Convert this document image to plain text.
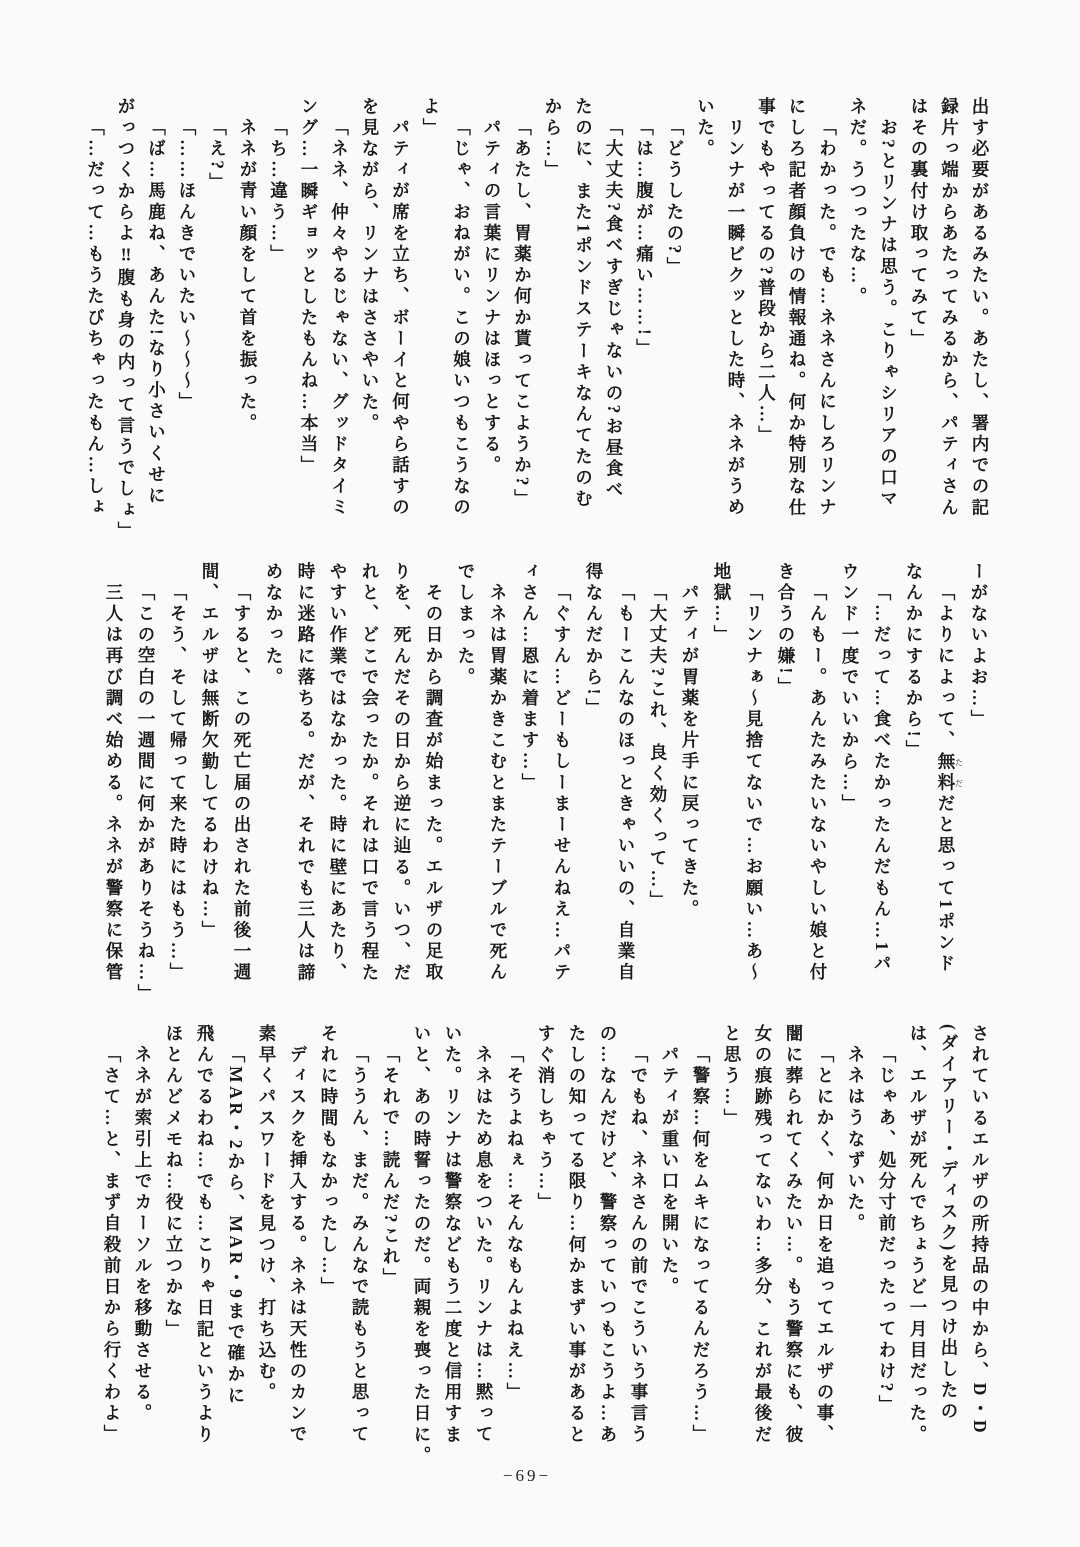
出す必要があるみたい。あたし、署内での記
録片っ端からあたってみるから、パティさん
はその裏付け取ってみて」
お?とリンナは思う。こりゃシリアの口マ
ネだ。うつったな…。
「わかった。でも…ネネさんにしろリンナ
にしろ記者顔負けの情報通ね。何か特別な仕
事でもやってるの?普段から二人…」
リンナが一瞬ビクッとした時、ネネがうめ
いた。
「どうしたの?」
「は…腹が…痛い……!」
「大丈夫?食べすぎじゃないの?お昼食べ
たのに、また1ポンドステーキなんてたのむ
から…」
「あたし、胃薬か何か貰ってこようか?」
パティの言葉にリンナはほっとする。
「じゃ、おねがい。この娘いつもこうなの
よ」
パティが席を立ち、ボーイと何やら話すの
を見ながら、リンナはささやいた。
「ネネ、仲々やるじゃない、グッドタイミ
ング…一瞬ギョッとしたもんね…本当」
「ち…違う…」
ネネが青い顔をして首を振った。
「え?」
「……ほんきでいたい〜〜〜」
「ば…馬鹿ね、あんた!なり小さいくせに
がっつくからよ‼腹も身の内って言うでしょ」
「…だって…もうたびちゃったもん…しょ
ーがないよお…」
「よりによって、無料ただだと思って1ポンド
なんかにするから!」
「…だって…食べたかったんだもん…1パ
ウンド一度でいいから…」
「んもー。あんたみたいないやしい娘と付
き合うの嫌!」
「リンナぁ〜見捨てないで…お願い…あ〜
地獄…」
パティが胃薬を片手に戻ってきた。
「大丈夫?これ、良く効くって…」
「もーこんなのほっときゃいいの、自業自
得なんだから!」
「ぐすん…どーもしーまーせんねえ…パテ
ィさん…恩に着ます…」
ネネは胃薬かきこむとまたテーブルで死ん
でしまった。
その日から調査が始まった。エルザの足取
りを、死んだその日から逆に辿る。いつ、だ
れと、どこで会ったか。それは口で言う程た
やすい作業ではなかった。時に壁にあたり、
時に迷路に落ちる。だが、それでも三人は諦
めなかった。
「すると、この死亡届の出された前後一週
間、エルザは無断欠勤してるわけね…」
「そう、そして帰って来た時にはもう…」
「この空白の一週間に何かがありそうね…」
三人は再び調べ始める。ネネが警察に保管
されているエルザの所持品の中から、D・D
(ダイアリー・ディスク)を見つけ出したの
は、エルザが死んでちょうど一月目だった。
「じゃあ、処分寸前だったってわけ?」
ネネはうなずいた。
「とにかく、何か日を追ってエルザの事、
闇に葬られてくみたい…。もう警察にも、彼
女の痕跡残ってないわ…多分、これが最後だ
と思う…」
「警察…何をムキになってるんだろう…」
パティが重い口を開いた。
「でもね、ネネさんの前でこういう事言う
の…なんだけど、警察っていつもこうよ…あ
たしの知ってる限り…何かまずい事があると
すぐ消しちゃう…」
「そうよねぇ…そんなもんよねえ…」
ネネはため息をついた。リンナは…黙って
いた。リンナは警察などもう二度と信用すま
いと、あの時誓ったのだ。両親を喪った日に。
「それで…読んだ?これ」
「ううん、まだ。みんなで読もうと思って
それに時間もなかったし…」
ディスクを挿入する。ネネは天性のカンで
素早くパスワードを見つけ、打ち込む。
「MAR・2から、MAR・9まで確かに
飛んでるわね…でも…こりゃ日記というより
ほとんどメモね…役に立つかな」
ネネが索引上でカーソルを移動させる。
「さて…と、まず自殺前日から行くわよ」
−69−
